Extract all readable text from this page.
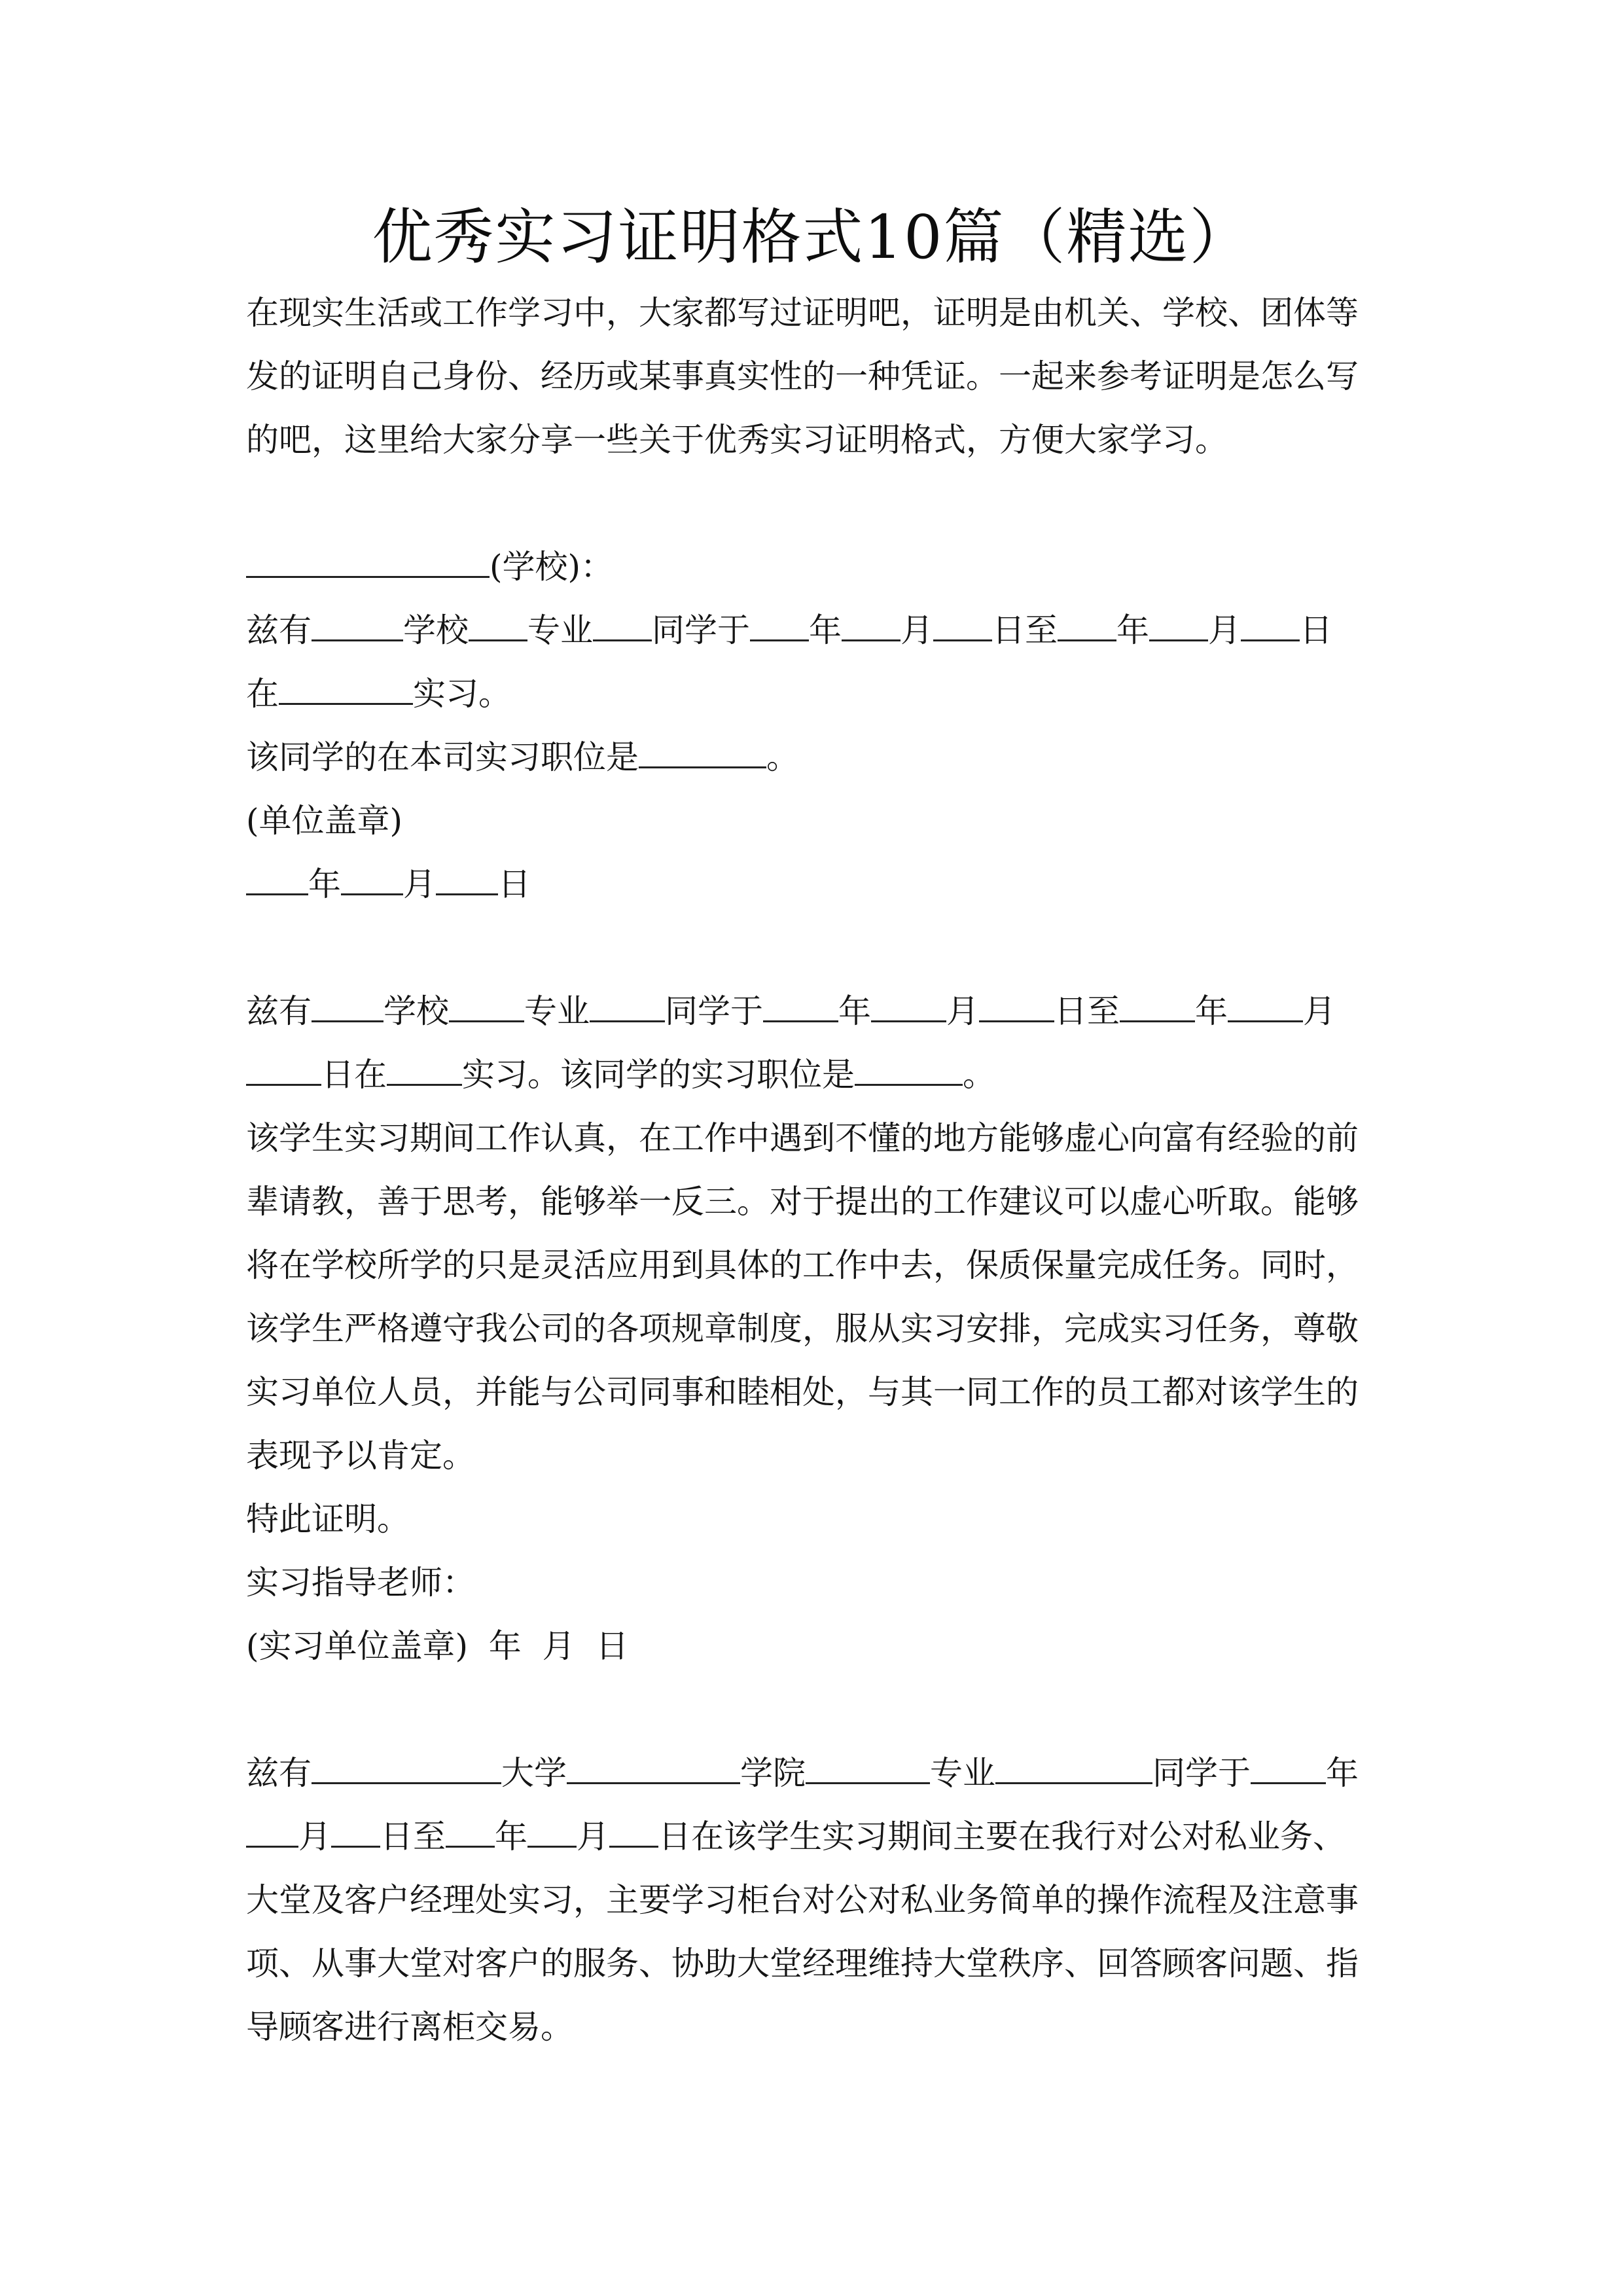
优秀实习证明格式10篇（精选）

在现实生活或工作学习中，大家都写过证明吧，证明是由机关、学校、团体等发的证明自己身份、经历或某事真实性的一种凭证。一起来参考证明是怎么写的吧，这里给大家分享一些关于优秀实习证明格式，方便大家学习。

(学校)：

兹有	学校 专业 同学于 年 月 日至 年 月 日

在	实习。

该同学的在本司实习职位是	。

(单位盖章)

年 月 日

兹有 学校 专业 同学于 年 月 日至 年 月

日在 实习。该同学的实习职位是	。

该学生实习期间工作认真，在工作中遇到不懂的地方能够虚心向富有经验的前辈请教，善于思考，能够举一反三。对于提出的工作建议可以虚心听取。能够将在学校所学的只是灵活应用到具体的工作中去，保质保量完成任务。同时，该学生严格遵守我公司的各项规章制度，服从实习安排，完成实习任务，尊敬实习单位人员，并能与公司同事和睦相处，与其一同工作的员工都对该学生的表现予以肯定。

特此证明。

实习指导老师：

(实习单位盖章)  年  月  日

兹有	大学	学院	专业	同学于 年

月 日至 年 月 日在该学生实习期间主要在我行对公对私业务、

大堂及客户经理处实习，主要学习柜台对公对私业务简单的操作流程及注意事项、从事大堂对客户的服务、协助大堂经理维持大堂秩序、回答顾客问题、指导顾客进行离柜交易。
